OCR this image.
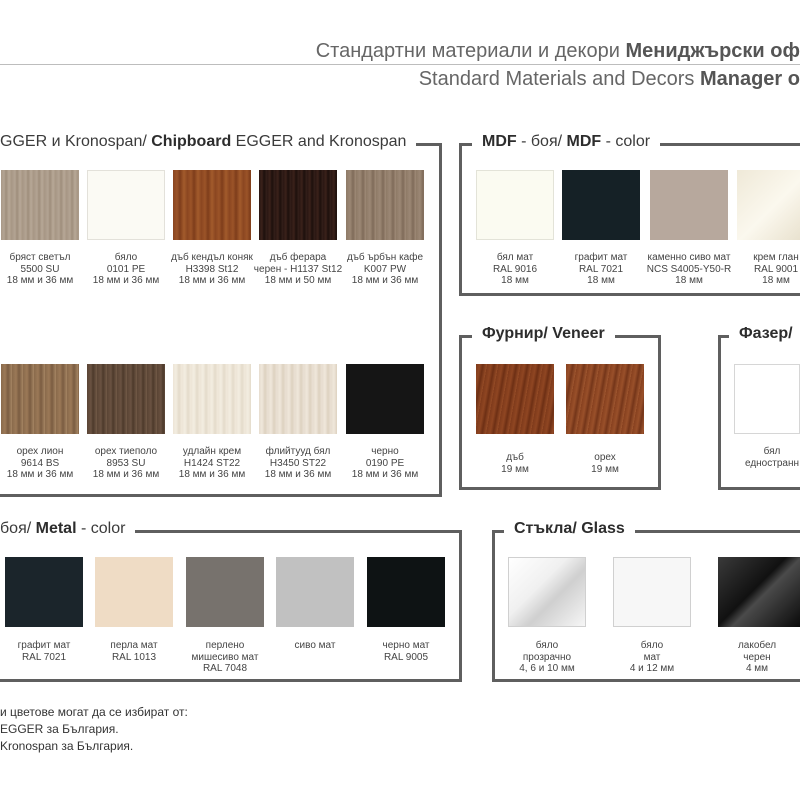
Стандартни материали и декори Мениджърски оф
Standard Materials and Decors Manager o
GGER и Kronospan/ Chipboard EGGER and Kronospan
бряст светъл
5500 SU
18 мм и 36 мм
бяло
0101 PE
18 мм и 36 мм
дъб кендъл коняк
H3398 St12
18 мм и 36 мм
дъб ферара
черен - H1137 St12
18 мм и 50 мм
дъб ърбън кафе
K007 PW
18 мм и 36 мм
орех лион
9614 BS
18 мм и 36 мм
орех тиеполо
8953 SU
18 мм и 36 мм
удлайн крем
H1424 ST22
18 мм и 36 мм
флийтууд бял
H3450 ST22
18 мм и 36 мм
черно
0190 PE
18 мм и 36 мм
MDF - боя/ MDF - color
бял мат
RAL 9016
18 мм
графит мат
RAL 7021
18 мм
каменно сиво мат
NCS S4005-Y50-R
18 мм
крем глан
RAL 9001
18 мм
Фурнир/ Veneer
дъб
19 мм
орех
19 мм
Фазер/
бял
едностранн
боя/ Metal - color
графит мат
RAL 7021
перла мат
RAL 1013
перлено
мишесиво мат
RAL 7048
сиво мат	черно мат
RAL 9005
Стъкла/ Glass
бяло
прозрачно
4, 6 и 10 мм
бяло
мат
4 и 12 мм
лакобел
черен
4 мм
и цветове могат да се избират от:
EGGER за България.
Kronospan за България.
